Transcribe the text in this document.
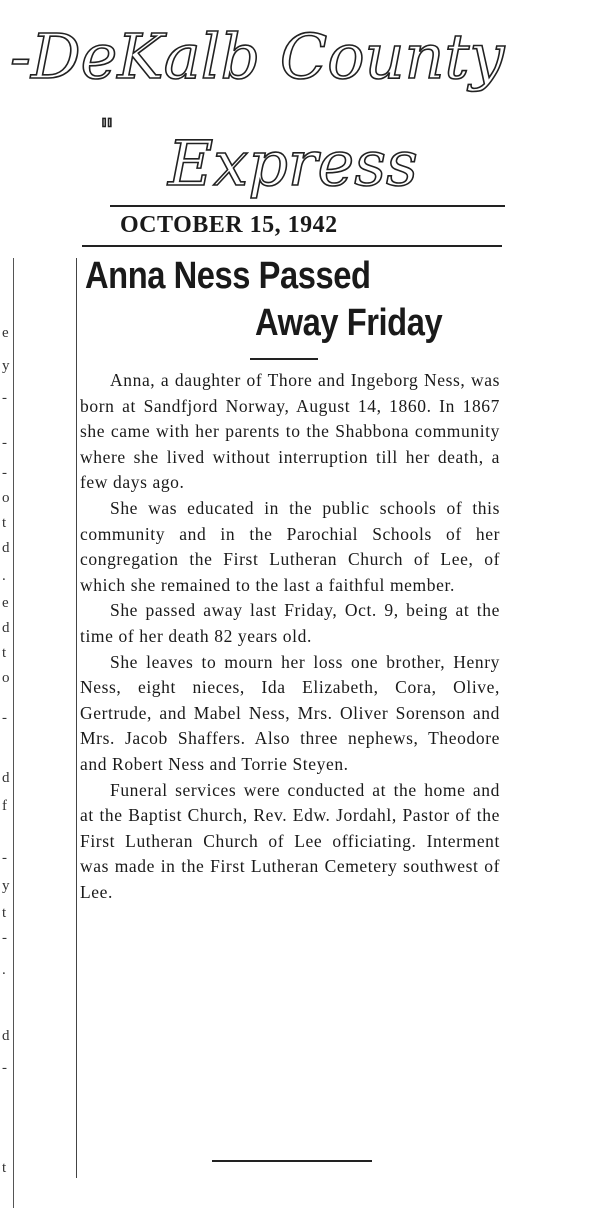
-DeKalb County
" Express
e
y
-
-
-
o
t
d
.
e
d
t
o
-
d
f
-
y
t
-
.
d
-
t
OCTOBER 15, 1942
Anna Ness Passed
Away Friday

Anna, a daughter of Thore and Ingeborg Ness, was born at Sandfjord Norway, August 14, 1860. In 1867 she came with her parents to the Shabbona community where she lived without interruption till her death, a few days ago.

She was educated in the public schools of this community and in the Parochial Schools of her congregation the First Lutheran Church of Lee, of which she remained to the last a faithful member.

She passed away last Friday, Oct. 9, being at the time of her death 82 years old.

She leaves to mourn her loss one brother, Henry Ness, eight nieces, Ida Elizabeth, Cora, Olive, Gertrude, and Mabel Ness, Mrs. Oliver Sorenson and Mrs. Jacob Shaffers. Also three nephews, Theodore and Robert Ness and Torrie Steyen.

Funeral services were conducted at the home and at the Baptist Church, Rev. Edw. Jordahl, Pastor of the First Lutheran Church of Lee officiating. Interment was made in the First Lutheran Cemetery southwest of Lee.
